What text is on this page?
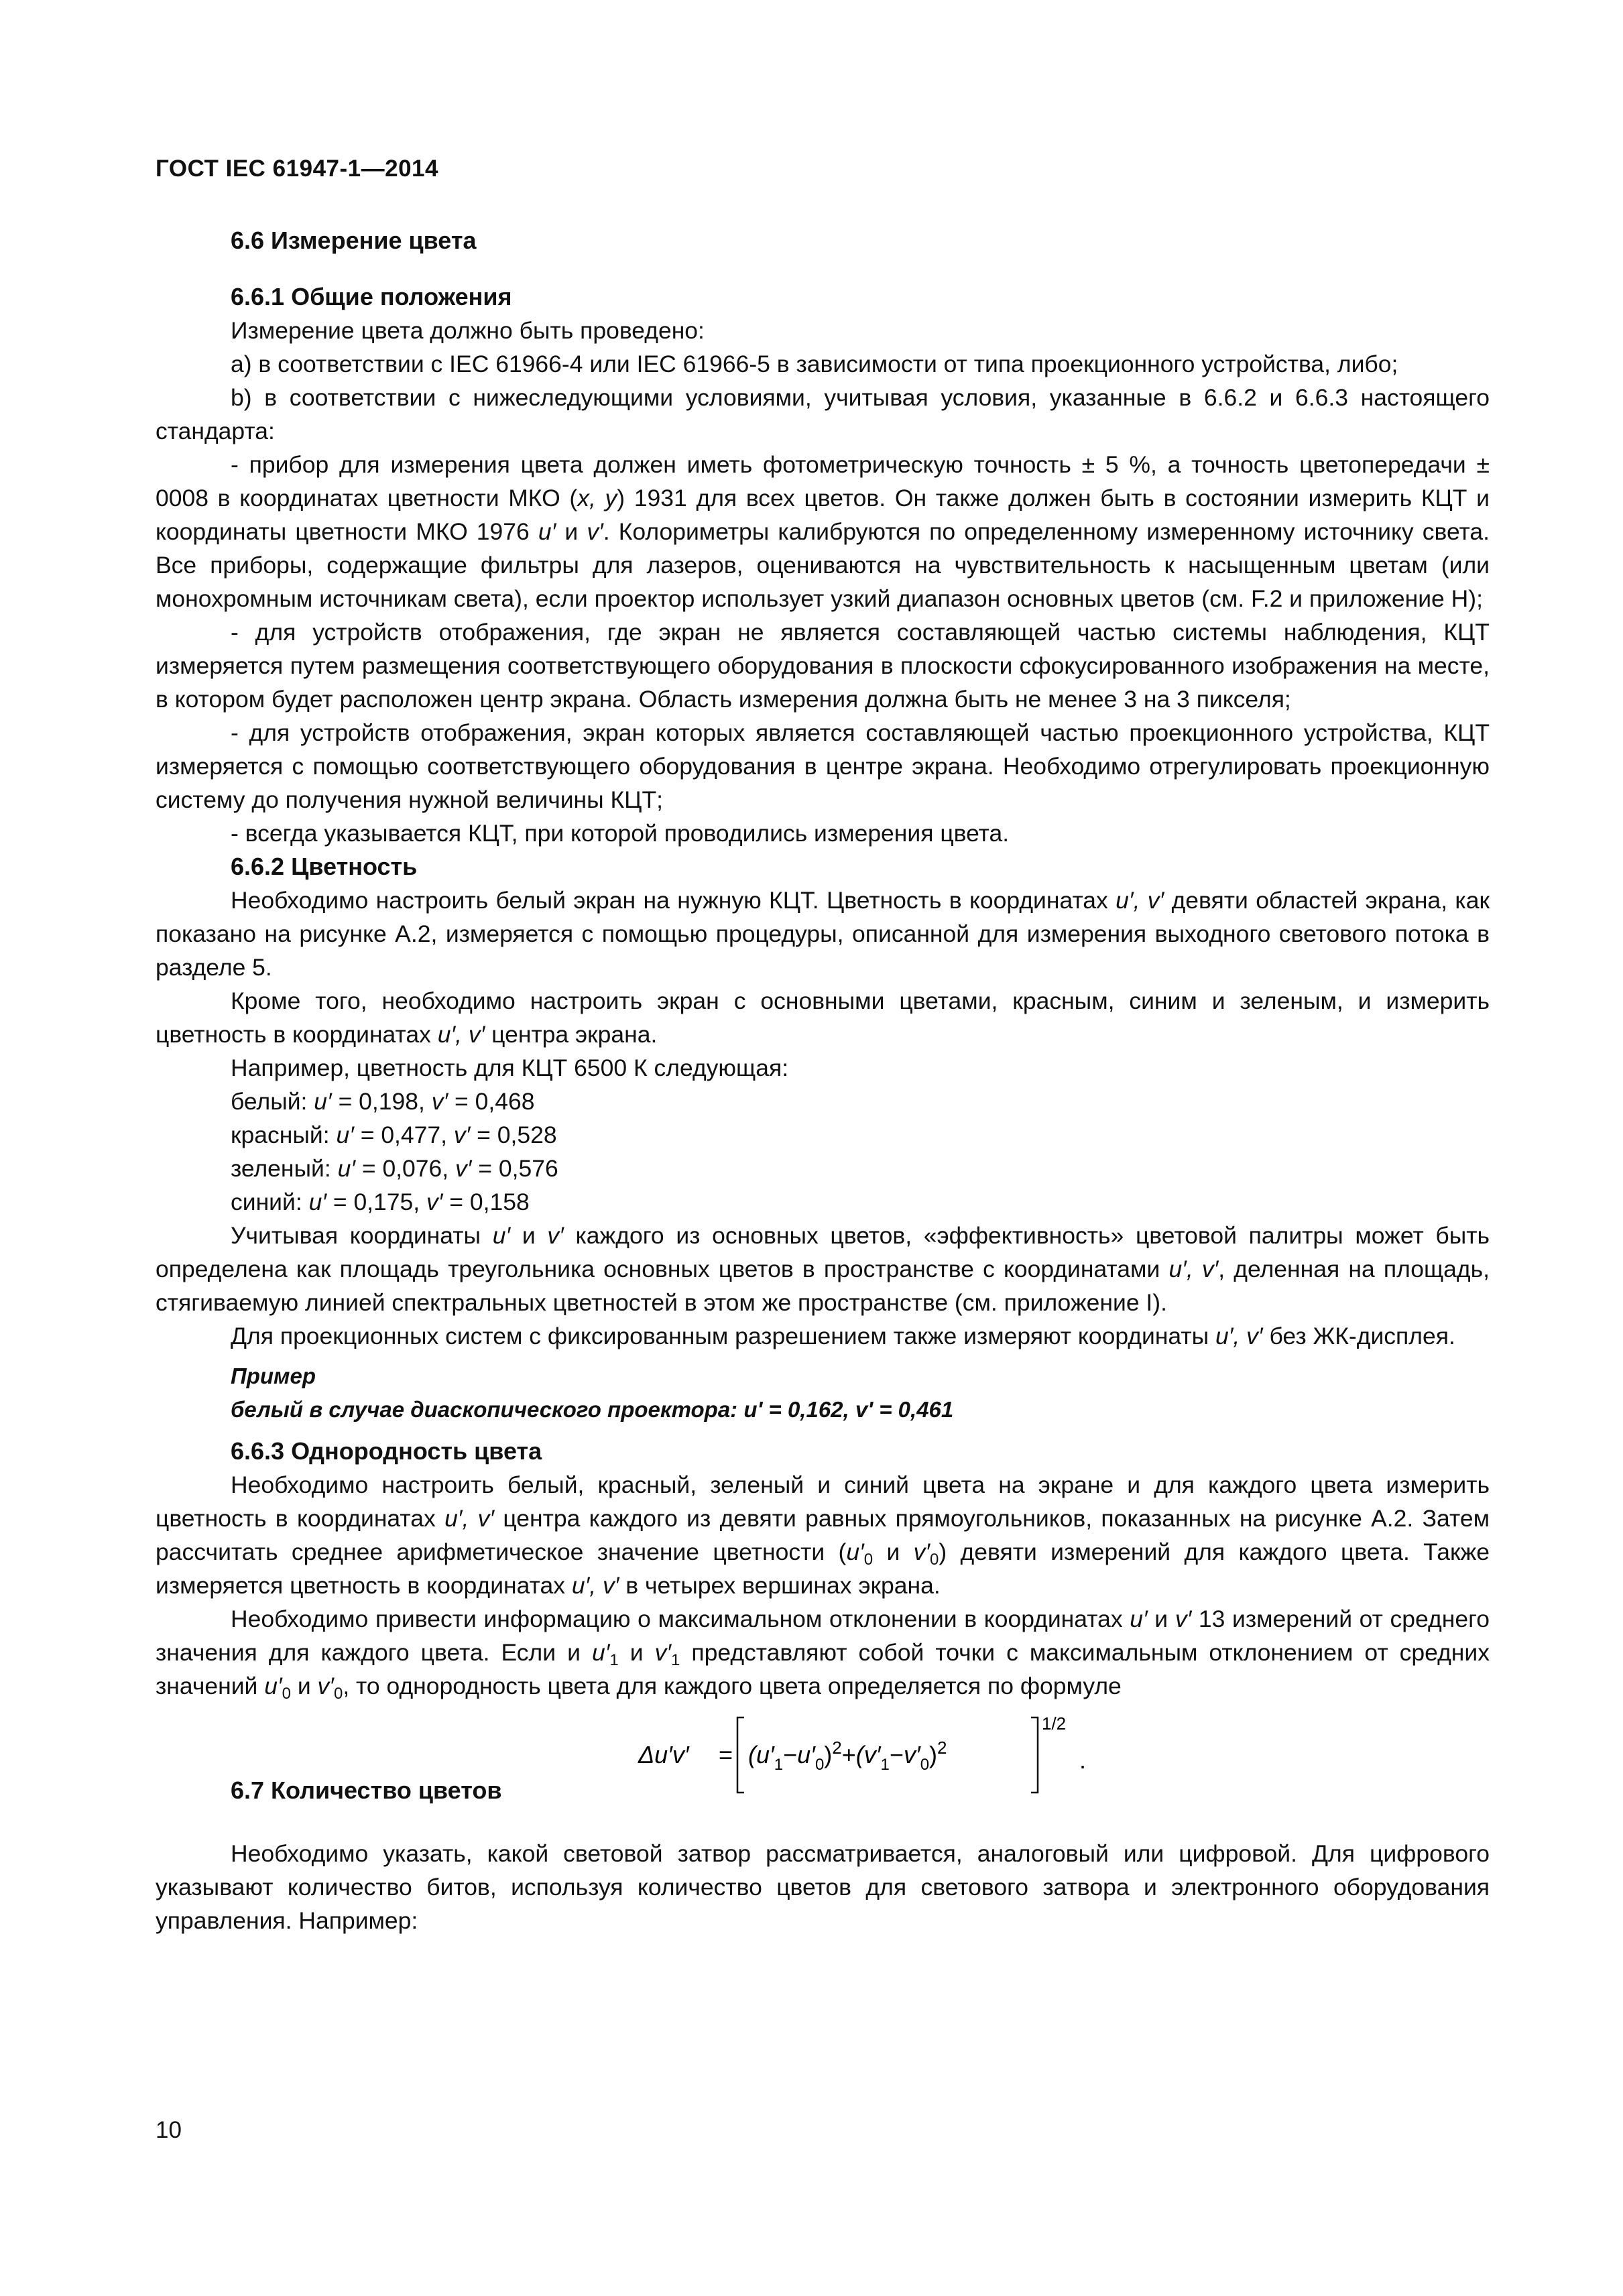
ГОСТ IEC 61947-1—2014

6.6 Измерение цвета

6.6.1 Общие положения

Измерение цвета должно быть проведено:

a) в соответствии с IEC 61966-4 или IEC 61966-5 в зависимости от типа проекционного устройства, либо;

b) в соответствии с нижеследующими условиями, учитывая условия, указанные в 6.6.2 и 6.6.3 настоящего стандарта:

- прибор для измерения цвета должен иметь фотометрическую точность ± 5 %, а точность цветопередачи ± 0008 в координатах цветности МКО (x, y) 1931 для всех цветов. Он также должен быть в состоянии измерить КЦТ и координаты цветности МКО 1976 u′ и v′. Колориметры калибруются по определенному измеренному источнику света. Все приборы, содержащие фильтры для лазеров, оцениваются на чувствительность к насыщенным цветам (или монохромным источникам света), если проектор использует узкий диапазон основных цветов (см. F.2 и приложение H);

- для устройств отображения, где экран не является составляющей частью системы наблюдения, КЦТ измеряется путем размещения соответствующего оборудования в плоскости сфокусированного изображения на месте, в котором будет расположен центр экрана. Область измерения должна быть не менее 3 на 3 пикселя;

- для устройств отображения, экран которых является составляющей частью проекционного устройства, КЦТ измеряется с помощью соответствующего оборудования в центре экрана. Необходимо отрегулировать проекционную систему до получения нужной величины КЦТ;

- всегда указывается КЦТ, при которой проводились измерения цвета.

6.6.2 Цветность

Необходимо настроить белый экран на нужную КЦТ. Цветность в координатах u′, v′ девяти областей экрана, как показано на рисунке А.2, измеряется с помощью процедуры, описанной для измерения выходного светового потока в разделе 5.

Кроме того, необходимо настроить экран с основными цветами, красным, синим и зеленым, и измерить цветность в координатах u′, v′ центра экрана.

Например, цветность для КЦТ 6500 К следующая:

белый: u′ = 0,198, v′ = 0,468

красный: u′ = 0,477, v′ = 0,528

зеленый: u′ = 0,076, v′ = 0,576

синий: u′ = 0,175, v′ = 0,158

Учитывая координаты u′ и v′ каждого из основных цветов, «эффективность» цветовой палитры может быть определена как площадь треугольника основных цветов в пространстве с координатами u′, v′, деленная на площадь, стягиваемую линией спектральных цветностей в этом же пространстве (см. приложение I).

Для проекционных систем с фиксированным разрешением также измеряют координаты u′, v′ без ЖК-дисплея.

Пример

белый в случае диаскопического проектора: u' = 0,162, v' = 0,461

6.6.3 Однородность цвета

Необходимо настроить белый, красный, зеленый и синий цвета на экране и для каждого цвета измерить цветность в координатах u′, v′ центра каждого из девяти равных прямоугольников, показанных на рисунке А.2. Затем рассчитать среднее арифметическое значение цветности ($u'_0$ и $v'_0$) девяти измерений для каждого цвета. Также измеряется цветность в координатах u′, v′ в четырех вершинах экрана.

Необходимо привести информацию о максимальном отклонении в координатах u′ и v′ 13 измерений от среднего значения для каждого цвета. Если и $u'_1$ и $v'_1$ представляют собой точки с максимальным отклонением от средних значений $u'_0$ и $v'_0$, то однородность цвета для каждого цвета определяется по формуле

$\Delta u'v' = (u'_1-u'_0)^2+(v'_1-v'_0)^2$
1/2
.

6.7 Количество цветов

Необходимо указать, какой световой затвор рассматривается, аналоговый или цифровой. Для цифрового указывают количество битов, используя количество цветов для светового затвора и электронного оборудования управления. Например:

10
